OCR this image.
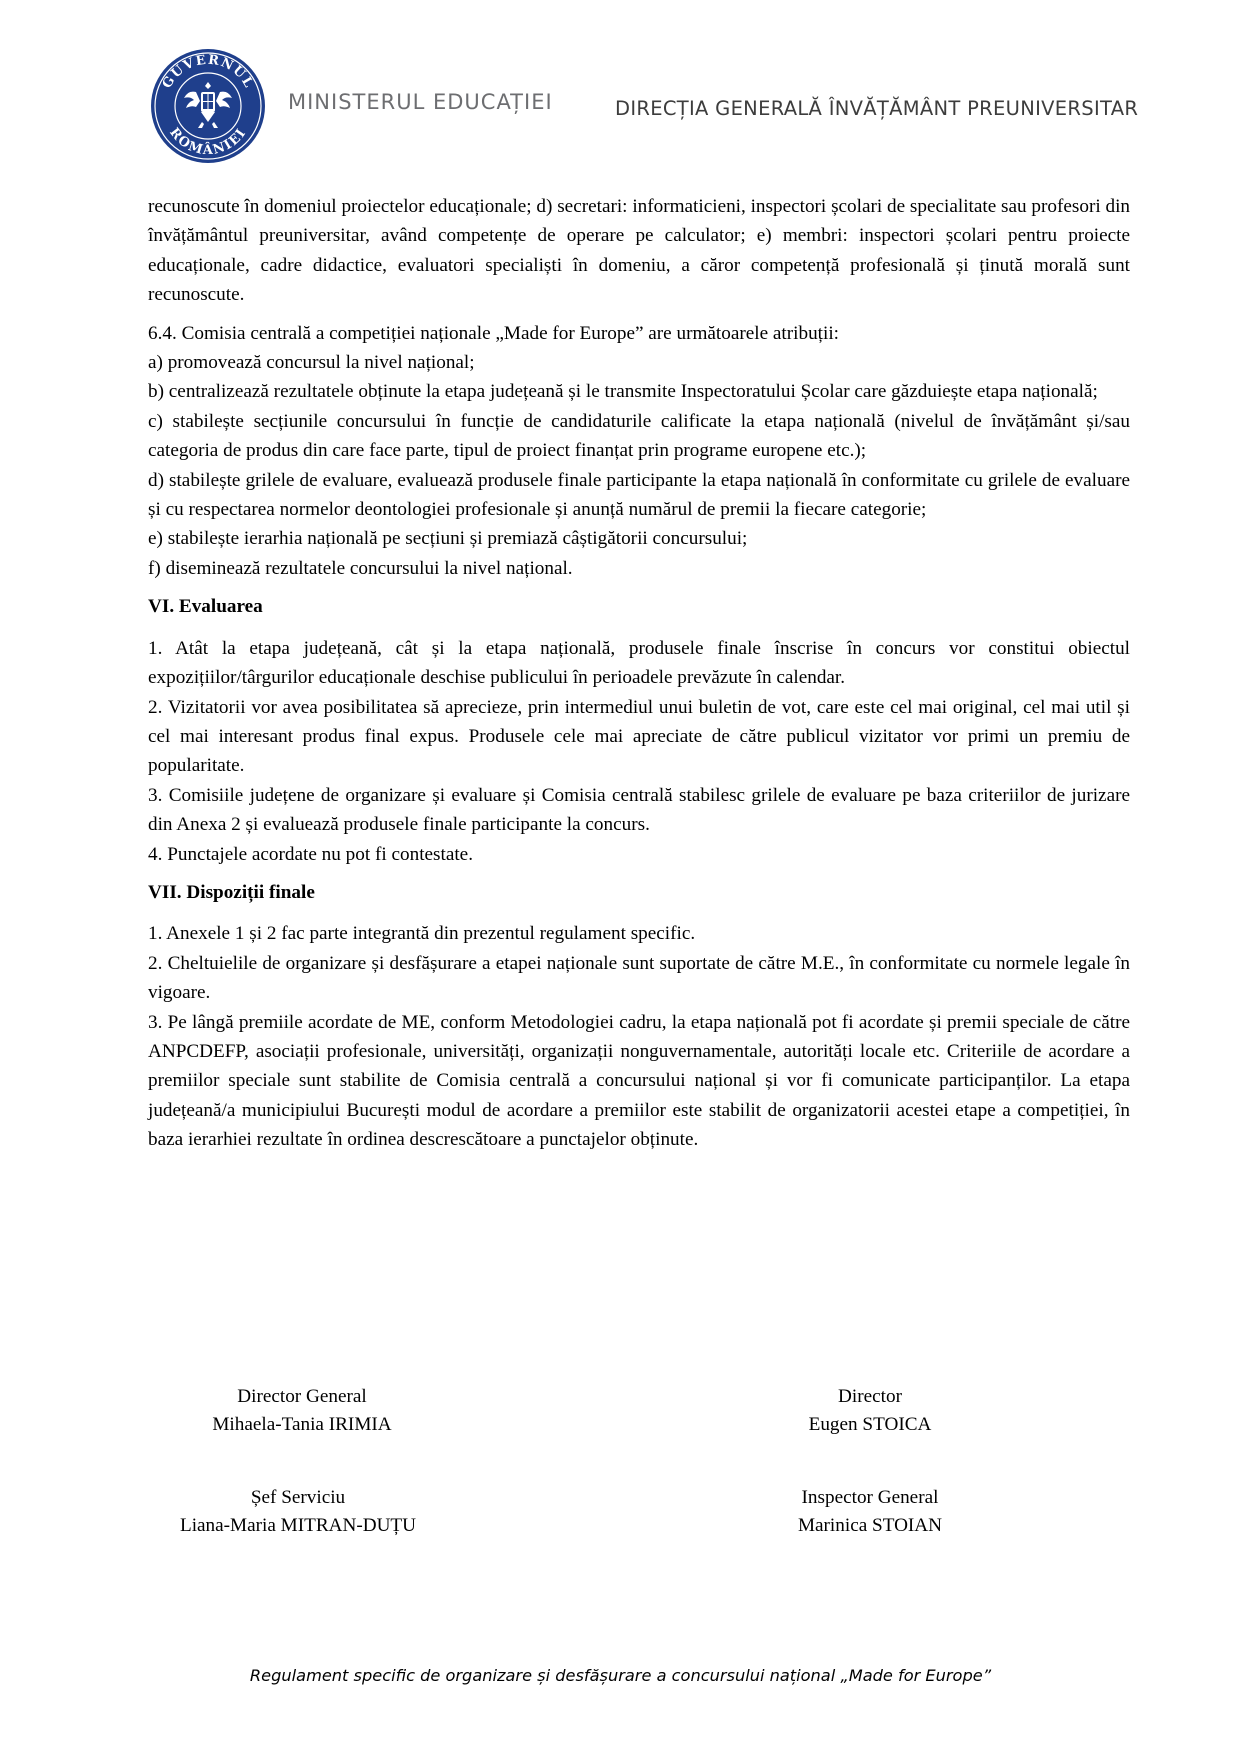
GUVERNUL
ROMÂNIEI
MINISTERUL EDUCAȚIEI	DIRECȚIA GENERALĂ ÎNVĂȚĂMÂNT PREUNIVERSITAR

recunoscute în domeniul proiectelor educaționale; d) secretari: informaticieni, inspectori școlari de specialitate sau profesori din învățământul preuniversitar, având competențe de operare pe calculator; e) membri: inspectori școlari pentru proiecte educaționale, cadre didactice, evaluatori specialiști în domeniu, a căror competență profesională și ținută morală sunt recunoscute.

6.4. Comisia centrală a competiției naționale „Made for Europe” are următoarele atribuții:

a) promovează concursul la nivel național;

b) centralizează rezultatele obținute la etapa județeană și le transmite Inspectoratului Școlar care găzduiește etapa națională;

c) stabilește secțiunile concursului în funcție de candidaturile calificate la etapa națională (nivelul de învățământ și/sau categoria de produs din care face parte, tipul de proiect finanțat prin programe europene etc.);

d) stabilește grilele de evaluare, evaluează produsele finale participante la etapa națională în conformitate cu grilele de evaluare și cu respectarea normelor deontologiei profesionale și anunță numărul de premii la fiecare categorie;

e) stabilește ierarhia națională pe secțiuni și premiază câștigătorii concursului;

f) diseminează rezultatele concursului la nivel național.

VI. Evaluarea

1. Atât la etapa județeană, cât și la etapa națională, produsele finale înscrise în concurs vor constitui obiectul expozițiilor/târgurilor educaționale deschise publicului în perioadele prevăzute în calendar.

2. Vizitatorii vor avea posibilitatea să aprecieze, prin intermediul unui buletin de vot, care este cel mai original, cel mai util și cel mai interesant produs final expus. Produsele cele mai apreciate de către publicul vizitator vor primi un premiu de popularitate.

3. Comisiile județene de organizare și evaluare și Comisia centrală stabilesc grilele de evaluare pe baza criteriilor de jurizare din Anexa 2 și evaluează produsele finale participante la concurs.

4. Punctajele acordate nu pot fi contestate.

VII. Dispoziții finale

1. Anexele 1 și 2 fac parte integrantă din prezentul regulament specific.

2. Cheltuielile de organizare și desfășurare a etapei naționale sunt suportate de către M.E., în conformitate cu normele legale în vigoare.

3. Pe lângă premiile acordate de ME, conform Metodologiei cadru, la etapa națională pot fi acordate și premii speciale de către ANPCDEFP, asociații profesionale, universități, organizații nonguvernamentale, autorități locale etc. Criteriile de acordare a premiilor speciale sunt stabilite de Comisia centrală a concursului național și vor fi comunicate participanților. La etapa județeană/a municipiului București modul de acordare a premiilor este stabilit de organizatorii acestei etape a competiției, în baza ierarhiei rezultate în ordinea descrescătoare a punctajelor obținute.

Director General
Mihaela-Tania IRIMIA
Director
Eugen STOICA
Șef Serviciu
Liana-Maria MITRAN-DUȚU
Inspector General
Marinica STOIAN
Regulament specific de organizare și desfășurare a concursului național „Made for Europe”
